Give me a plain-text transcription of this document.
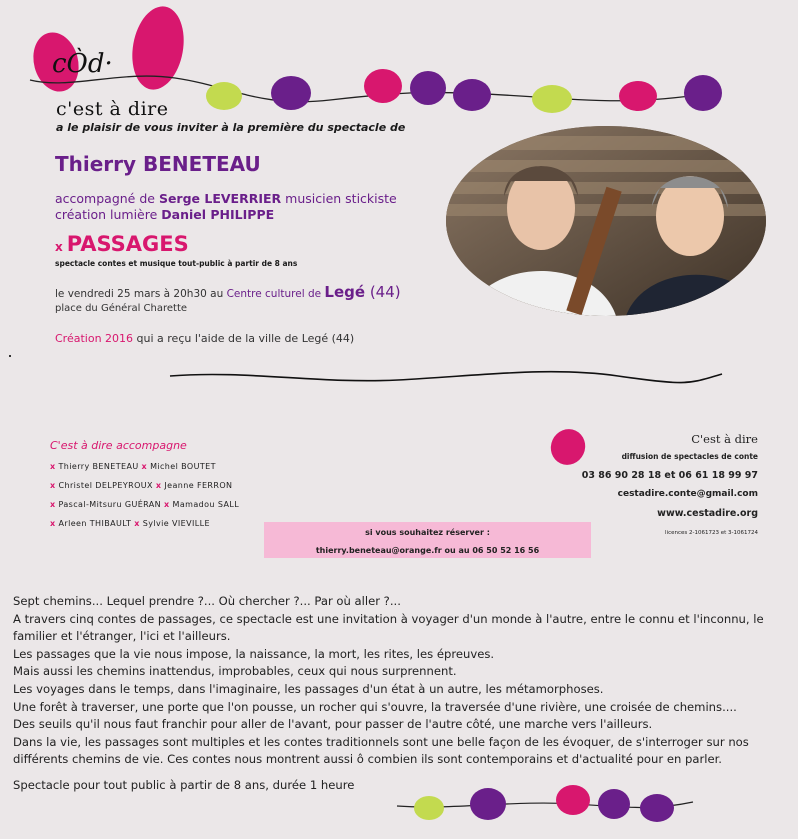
cÒd·
c'est à dire
a le plaisir de vous inviter à la première du spectacle de
Thierry BENETEAU
accompagné de Serge LEVERRIER musicien stickiste
création lumière Daniel PHILIPPE
x PASSAGES
spectacle contes et musique tout-public à partir de 8 ans
le vendredi 25 mars à 20h30 au Centre culturel de Legé (44)
place du Général Charette
Création 2016 qui a reçu l'aide de la ville de Legé (44)
C'est à dire accompagne
x Thierry BENETEAU x Michel BOUTET
x Christel DELPEYROUX x Jeanne FERRON
x Pascal-Mitsuru GUÉRAN x Mamadou SALL
x Arleen THIBAULT x Sylvie VIEVILLE
si vous souhaitez réserver :
thierry.beneteau@orange.fr ou au 06 50 52 16 56
C'est à dire
diffusion de spectacles de conte
03 86 90 28 18 et 06 61 18 99 97
cestadire.conte@gmail.com
www.cestadire.org
licences 2-1061723 et 3-1061724

Sept chemins... Lequel prendre ?... Où chercher ?... Par où aller ?...

A travers cinq contes de passages, ce spectacle est une invitation à voyager d'un monde à l'autre, entre le connu et l'inconnu, le familier et l'étranger, l'ici et l'ailleurs.

Les passages que la vie nous impose, la naissance, la mort, les rites, les épreuves.

Mais aussi les chemins inattendus, improbables, ceux qui nous surprennent.

Les voyages dans le temps, dans l'imaginaire, les passages d'un état à un autre, les métamorphoses.

Une forêt à traverser, une porte que l'on pousse, un rocher qui s'ouvre, la traversée d'une rivière, une croisée de chemins....

Des seuils qu'il nous faut franchir pour aller de l'avant, pour passer de l'autre côté, une marche vers l'ailleurs.

Dans la vie, les passages sont multiples et les contes traditionnels sont une belle façon de les évoquer, de s'interroger sur nos différents chemins de vie. Ces contes nous montrent aussi ô combien ils sont contemporains et d'actualité pour en parler.

Spectacle pour tout public à partir de 8 ans, durée 1 heure
